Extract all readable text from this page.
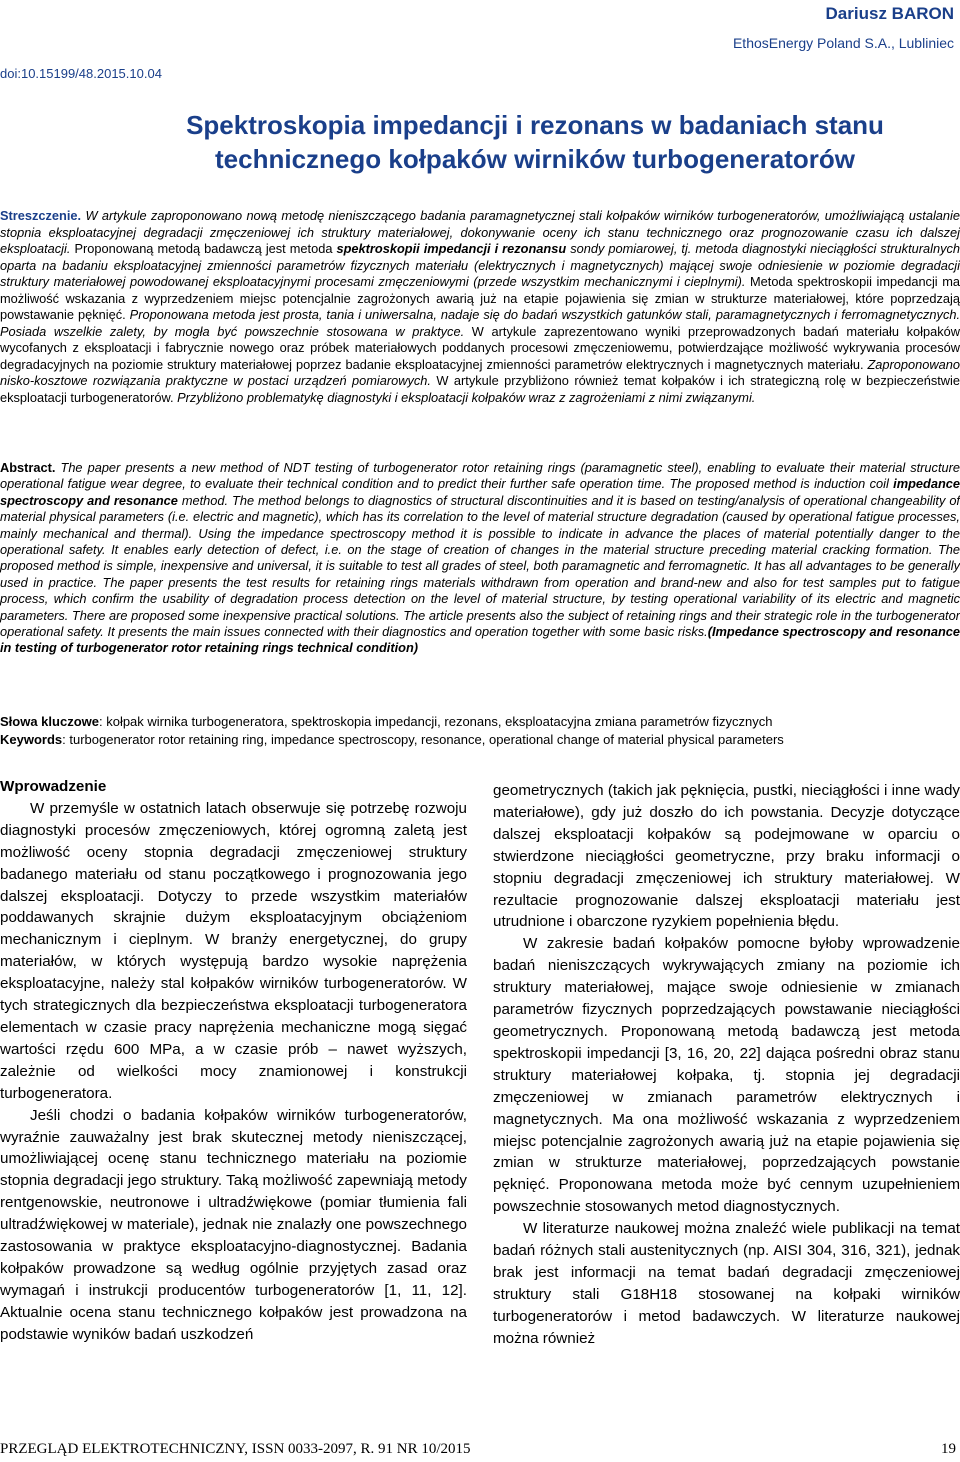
Dariusz BARON
EthosEnergy Poland S.A., Lubliniec
doi:10.15199/48.2015.10.04
Spektroskopia impedancji i rezonans w badaniach stanu
technicznego kołpaków wirników turbogeneratorów
Streszczenie. W artykule zaproponowano nową metodę nieniszczącego badania paramagnetycznej stali kołpaków wirników turbogeneratorów, umożliwiającą ustalanie stopnia eksploatacyjnej degradacji zmęczeniowej ich struktury materiałowej, dokonywanie oceny ich stanu technicznego oraz prognozowanie czasu ich dalszej eksploatacji. Proponowaną metodą badawczą jest metoda spektroskopii impedancji i rezonansu sondy pomiarowej, tj. metoda diagnostyki nieciągłości strukturalnych oparta na badaniu eksploatacyjnej zmienności parametrów fizycznych materiału (elektrycznych i magnetycznych) mającej swoje odniesienie w poziomie degradacji struktury materiałowej powodowanej eksploatacyjnymi procesami zmęczeniowymi (przede wszystkim mechanicznymi i cieplnymi). Metoda spektroskopii impedancji ma możliwość wskazania z wyprzedzeniem miejsc potencjalnie zagrożonych awarią już na etapie pojawienia się zmian w strukturze materiałowej, które poprzedzają powstawanie pęknięć. Proponowana metoda jest prosta, tania i uniwersalna, nadaje się do badań wszystkich gatunków stali, paramagnetycznych i ferromagnetycznych. Posiada wszelkie zalety, by mogła być powszechnie stosowana w praktyce. W artykule zaprezentowano wyniki przeprowadzonych badań materiału kołpaków wycofanych z eksploatacji i fabrycznie nowego oraz próbek materiałowych poddanych procesowi zmęczeniowemu, potwierdzające możliwość wykrywania procesów degradacyjnych na poziomie struktury materiałowej poprzez badanie eksploatacyjnej zmienności parametrów elektrycznych i magnetycznych materiału. Zaproponowano nisko-kosztowe rozwiązania praktyczne w postaci urządzeń pomiarowych. W artykule przybliżono również temat kołpaków i ich strategiczną rolę w bezpieczeństwie eksploatacji turbogeneratorów. Przybliżono problematykę diagnostyki i eksploatacji kołpaków wraz z zagrożeniami z nimi związanymi.
Abstract. The paper presents a new method of NDT testing of turbogenerator rotor retaining rings (paramagnetic steel), enabling to evaluate their material structure operational fatigue wear degree, to evaluate their technical condition and to predict their further safe operation time. The proposed method is induction coil impedance spectroscopy and resonance method. The method belongs to diagnostics of structural discontinuities and it is based on testing/analysis of operational changeability of material physical parameters (i.e. electric and magnetic), which has its correlation to the level of material structure degradation (caused by operational fatigue processes, mainly mechanical and thermal). Using the impedance spectroscopy method it is possible to indicate in advance the places of material potentially danger to the operational safety. It enables early detection of defect, i.e. on the stage of creation of changes in the material structure preceding material cracking formation. The proposed method is simple, inexpensive and universal, it is suitable to test all grades of steel, both paramagnetic and ferromagnetic. It has all advantages to be generally used in practice. The paper presents the test results for retaining rings materials withdrawn from operation and brand-new and also for test samples put to fatigue process, which confirm the usability of degradation process detection on the level of material structure, by testing operational variability of its electric and magnetic parameters. There are proposed some inexpensive practical solutions. The article presents also the subject of retaining rings and their strategic role in the turbogenerator operational safety. It presents the main issues connected with their diagnostics and operation together with some basic risks.(Impedance spectroscopy and resonance in testing of turbogenerator rotor retaining rings technical condition)
Słowa kluczowe: kołpak wirnika turbogeneratora, spektroskopia impedancji, rezonans, eksploatacyjna zmiana parametrów fizycznych
Keywords: turbogenerator rotor retaining ring, impedance spectroscopy, resonance, operational change of material physical parameters

Wprowadzenie

W przemyśle w ostatnich latach obserwuje się potrzebę rozwoju diagnostyki procesów zmęczeniowych, której ogromną zaletą jest możliwość oceny stopnia degradacji zmęczeniowej struktury badanego materiału od stanu początkowego i prognozowania jego dalszej eksploatacji. Dotyczy to przede wszystkim materiałów poddawanych skrajnie dużym eksploatacyjnym obciążeniom mechanicznym i cieplnym. W branży energetycznej, do grupy materiałów, w których występują bardzo wysokie naprężenia eksploatacyjne, należy stal kołpaków wirników turbogeneratorów. W tych strategicznych dla bezpieczeństwa eksploatacji turbogeneratora elementach w czasie pracy naprężenia mechaniczne mogą sięgać wartości rzędu 600 MPa, a w czasie prób – nawet wyższych, zależnie od wielkości mocy znamionowej i konstrukcji turbogeneratora.

Jeśli chodzi o badania kołpaków wirników turbogeneratorów, wyraźnie zauważalny jest brak skutecznej metody nieniszczącej, umożliwiającej ocenę stanu technicznego materiału na poziomie stopnia degradacji jego struktury. Taką możliwość zapewniają metody rentgenowskie, neutronowe i ultradźwiękowe (pomiar tłumienia fali ultradźwiękowej w materiale), jednak nie znalazły one powszechnego zastosowania w praktyce eksploatacyjno-diagnostycznej. Badania kołpaków prowadzone są według ogólnie przyjętych zasad oraz wymagań i instrukcji producentów turbogeneratorów [1, 11, 12]. Aktualnie ocena stanu technicznego kołpaków jest prowadzona na podstawie wyników badań uszkodzeń

geometrycznych (takich jak pęknięcia, pustki, nieciągłości i inne wady materiałowe), gdy już doszło do ich powstania. Decyzje dotyczące dalszej eksploatacji kołpaków są podejmowane w oparciu o stwierdzone nieciągłości geometryczne, przy braku informacji o stopniu degradacji zmęczeniowej ich struktury materiałowej. W rezultacie prognozowanie dalszej eksploatacji materiału jest utrudnione i obarczone ryzykiem popełnienia błędu.

W zakresie badań kołpaków pomocne byłoby wprowadzenie badań nieniszczących wykrywających zmiany na poziomie ich struktury materiałowej, mające swoje odniesienie w zmianach parametrów fizycznych poprzedzających powstawanie nieciągłości geometrycznych. Proponowaną metodą badawczą jest metoda spektroskopii impedancji [3, 16, 20, 22] dająca pośredni obraz stanu struktury materiałowej kołpaka, tj. stopnia jej degradacji zmęczeniowej w zmianach parametrów elektrycznych i magnetycznych. Ma ona możliwość wskazania z wyprzedzeniem miejsc potencjalnie zagrożonych awarią już na etapie pojawienia się zmian w strukturze materiałowej, poprzedzających powstanie pęknięć. Proponowana metoda może być cennym uzupełnieniem powszechnie stosowanych metod diagnostycznych.

W literaturze naukowej można znaleźć wiele publikacji na temat badań różnych stali austenitycznych (np. AISI 304, 316, 321), jednak brak jest informacji na temat badań degradacji zmęczeniowej struktury stali G18H18 stosowanej na kołpaki wirników turbogeneratorów i metod badawczych. W literaturze naukowej można również

PRZEGLĄD ELEKTROTECHNICZNY, ISSN 0033-2097, R. 91 NR 10/2015	19
